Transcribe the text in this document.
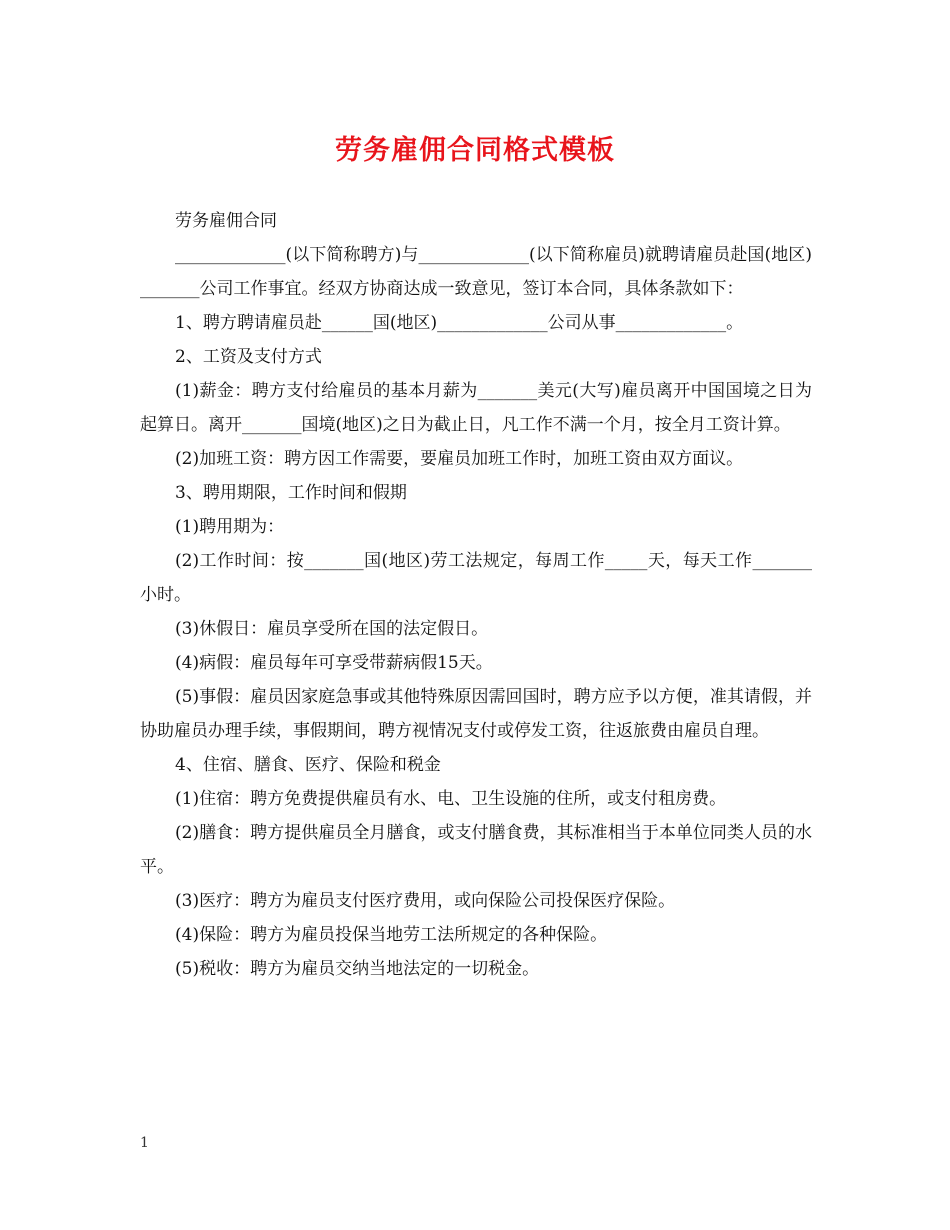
劳务雇佣合同格式模板

劳务雇佣合同

_____________(以下简称聘方)与_____________(以下简称雇员)就聘请雇员赴国(地区)_______公司工作事宜。经双方协商达成一致意见，签订本合同，具体条款如下：

1、聘方聘请雇员赴______国(地区)_____________公司从事_____________。

2、工资及支付方式

(1)薪金：聘方支付给雇员的基本月薪为_______美元(大写)雇员离开中国国境之日为起算日。离开_______国境(地区)之日为截止日，凡工作不满一个月，按全月工资计算。

(2)加班工资：聘方因工作需要，要雇员加班工作时，加班工资由双方面议。

3、聘用期限，工作时间和假期

(1)聘用期为：

(2)工作时间：按_______国(地区)劳工法规定，每周工作_____天，每天工作_______小时。

(3)休假日：雇员享受所在国的法定假日。

(4)病假：雇员每年可享受带薪病假15天。

(5)事假：雇员因家庭急事或其他特殊原因需回国时，聘方应予以方便，准其请假，并协助雇员办理手续，事假期间，聘方视情况支付或停发工资，往返旅费由雇员自理。

4、住宿、膳食、医疗、保险和税金

(1)住宿：聘方免费提供雇员有水、电、卫生设施的住所，或支付租房费。

(2)膳食：聘方提供雇员全月膳食，或支付膳食费，其标准相当于本单位同类人员的水平。

(3)医疗：聘方为雇员支付医疗费用，或向保险公司投保医疗保险。

(4)保险：聘方为雇员投保当地劳工法所规定的各种保险。

(5)税收：聘方为雇员交纳当地法定的一切税金。

1
